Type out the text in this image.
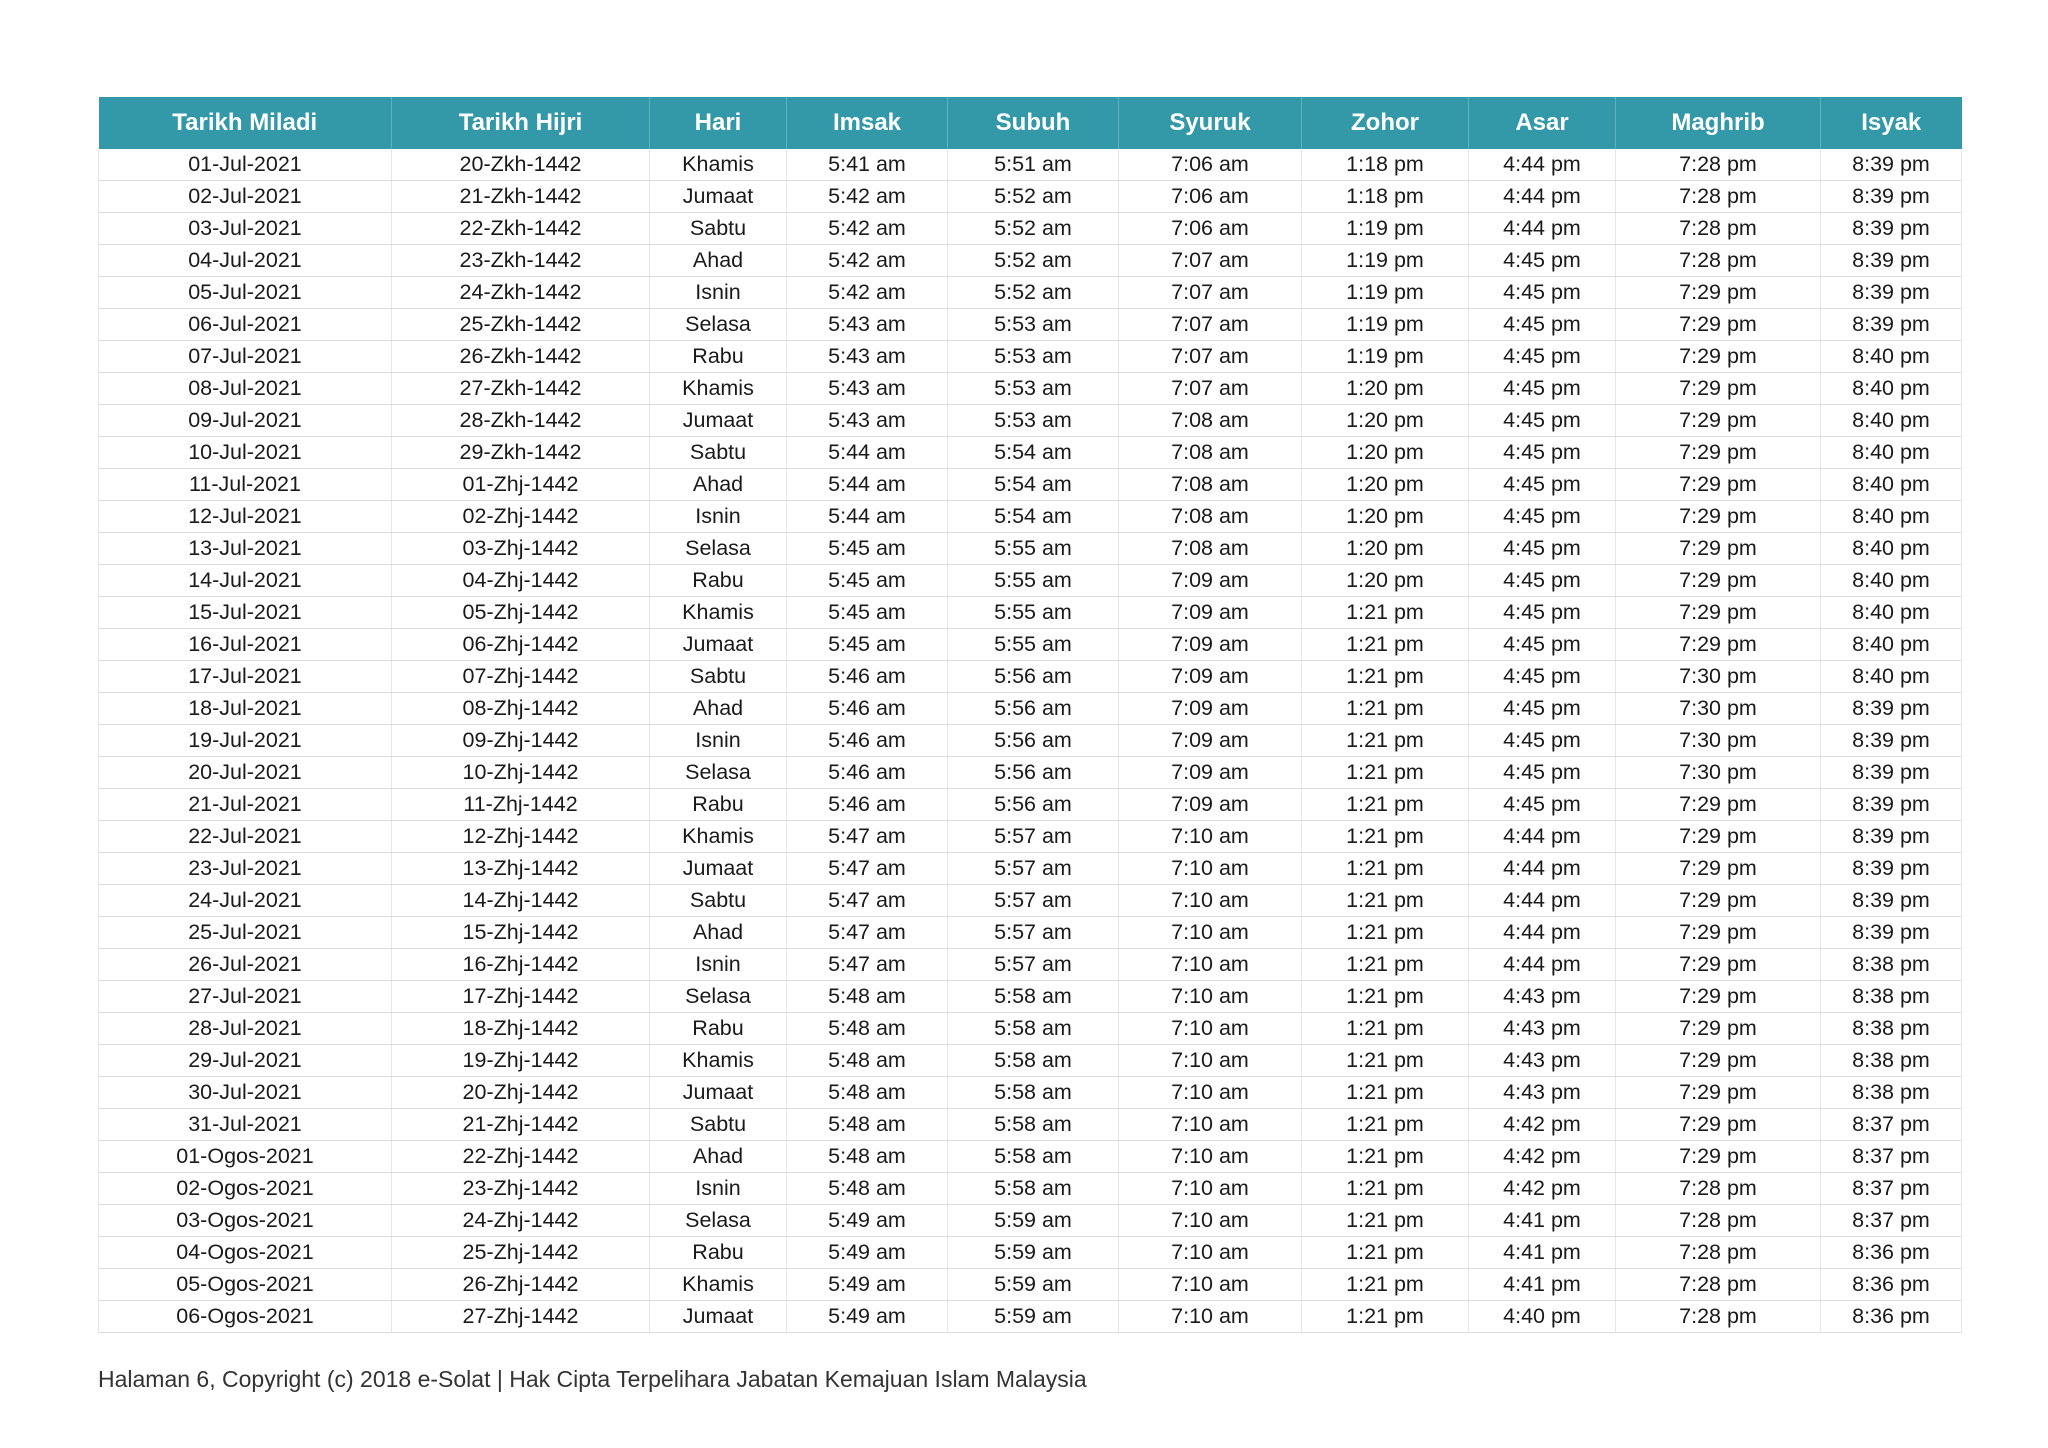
Tarikh Miladi	Tarikh Hijri	Hari	Imsak	Subuh	Syuruk	Zohor	Asar	Maghrib	Isyak
01-Jul-2021	20-Zkh-1442	Khamis	5:41 am	5:51 am	7:06 am	1:18 pm	4:44 pm	7:28 pm	8:39 pm
02-Jul-2021	21-Zkh-1442	Jumaat	5:42 am	5:52 am	7:06 am	1:18 pm	4:44 pm	7:28 pm	8:39 pm
03-Jul-2021	22-Zkh-1442	Sabtu	5:42 am	5:52 am	7:06 am	1:19 pm	4:44 pm	7:28 pm	8:39 pm
04-Jul-2021	23-Zkh-1442	Ahad	5:42 am	5:52 am	7:07 am	1:19 pm	4:45 pm	7:28 pm	8:39 pm
05-Jul-2021	24-Zkh-1442	Isnin	5:42 am	5:52 am	7:07 am	1:19 pm	4:45 pm	7:29 pm	8:39 pm
06-Jul-2021	25-Zkh-1442	Selasa	5:43 am	5:53 am	7:07 am	1:19 pm	4:45 pm	7:29 pm	8:39 pm
07-Jul-2021	26-Zkh-1442	Rabu	5:43 am	5:53 am	7:07 am	1:19 pm	4:45 pm	7:29 pm	8:40 pm
08-Jul-2021	27-Zkh-1442	Khamis	5:43 am	5:53 am	7:07 am	1:20 pm	4:45 pm	7:29 pm	8:40 pm
09-Jul-2021	28-Zkh-1442	Jumaat	5:43 am	5:53 am	7:08 am	1:20 pm	4:45 pm	7:29 pm	8:40 pm
10-Jul-2021	29-Zkh-1442	Sabtu	5:44 am	5:54 am	7:08 am	1:20 pm	4:45 pm	7:29 pm	8:40 pm
11-Jul-2021	01-Zhj-1442	Ahad	5:44 am	5:54 am	7:08 am	1:20 pm	4:45 pm	7:29 pm	8:40 pm
12-Jul-2021	02-Zhj-1442	Isnin	5:44 am	5:54 am	7:08 am	1:20 pm	4:45 pm	7:29 pm	8:40 pm
13-Jul-2021	03-Zhj-1442	Selasa	5:45 am	5:55 am	7:08 am	1:20 pm	4:45 pm	7:29 pm	8:40 pm
14-Jul-2021	04-Zhj-1442	Rabu	5:45 am	5:55 am	7:09 am	1:20 pm	4:45 pm	7:29 pm	8:40 pm
15-Jul-2021	05-Zhj-1442	Khamis	5:45 am	5:55 am	7:09 am	1:21 pm	4:45 pm	7:29 pm	8:40 pm
16-Jul-2021	06-Zhj-1442	Jumaat	5:45 am	5:55 am	7:09 am	1:21 pm	4:45 pm	7:29 pm	8:40 pm
17-Jul-2021	07-Zhj-1442	Sabtu	5:46 am	5:56 am	7:09 am	1:21 pm	4:45 pm	7:30 pm	8:40 pm
18-Jul-2021	08-Zhj-1442	Ahad	5:46 am	5:56 am	7:09 am	1:21 pm	4:45 pm	7:30 pm	8:39 pm
19-Jul-2021	09-Zhj-1442	Isnin	5:46 am	5:56 am	7:09 am	1:21 pm	4:45 pm	7:30 pm	8:39 pm
20-Jul-2021	10-Zhj-1442	Selasa	5:46 am	5:56 am	7:09 am	1:21 pm	4:45 pm	7:30 pm	8:39 pm
21-Jul-2021	11-Zhj-1442	Rabu	5:46 am	5:56 am	7:09 am	1:21 pm	4:45 pm	7:29 pm	8:39 pm
22-Jul-2021	12-Zhj-1442	Khamis	5:47 am	5:57 am	7:10 am	1:21 pm	4:44 pm	7:29 pm	8:39 pm
23-Jul-2021	13-Zhj-1442	Jumaat	5:47 am	5:57 am	7:10 am	1:21 pm	4:44 pm	7:29 pm	8:39 pm
24-Jul-2021	14-Zhj-1442	Sabtu	5:47 am	5:57 am	7:10 am	1:21 pm	4:44 pm	7:29 pm	8:39 pm
25-Jul-2021	15-Zhj-1442	Ahad	5:47 am	5:57 am	7:10 am	1:21 pm	4:44 pm	7:29 pm	8:39 pm
26-Jul-2021	16-Zhj-1442	Isnin	5:47 am	5:57 am	7:10 am	1:21 pm	4:44 pm	7:29 pm	8:38 pm
27-Jul-2021	17-Zhj-1442	Selasa	5:48 am	5:58 am	7:10 am	1:21 pm	4:43 pm	7:29 pm	8:38 pm
28-Jul-2021	18-Zhj-1442	Rabu	5:48 am	5:58 am	7:10 am	1:21 pm	4:43 pm	7:29 pm	8:38 pm
29-Jul-2021	19-Zhj-1442	Khamis	5:48 am	5:58 am	7:10 am	1:21 pm	4:43 pm	7:29 pm	8:38 pm
30-Jul-2021	20-Zhj-1442	Jumaat	5:48 am	5:58 am	7:10 am	1:21 pm	4:43 pm	7:29 pm	8:38 pm
31-Jul-2021	21-Zhj-1442	Sabtu	5:48 am	5:58 am	7:10 am	1:21 pm	4:42 pm	7:29 pm	8:37 pm
01-Ogos-2021	22-Zhj-1442	Ahad	5:48 am	5:58 am	7:10 am	1:21 pm	4:42 pm	7:29 pm	8:37 pm
02-Ogos-2021	23-Zhj-1442	Isnin	5:48 am	5:58 am	7:10 am	1:21 pm	4:42 pm	7:28 pm	8:37 pm
03-Ogos-2021	24-Zhj-1442	Selasa	5:49 am	5:59 am	7:10 am	1:21 pm	4:41 pm	7:28 pm	8:37 pm
04-Ogos-2021	25-Zhj-1442	Rabu	5:49 am	5:59 am	7:10 am	1:21 pm	4:41 pm	7:28 pm	8:36 pm
05-Ogos-2021	26-Zhj-1442	Khamis	5:49 am	5:59 am	7:10 am	1:21 pm	4:41 pm	7:28 pm	8:36 pm
06-Ogos-2021	27-Zhj-1442	Jumaat	5:49 am	5:59 am	7:10 am	1:21 pm	4:40 pm	7:28 pm	8:36 pm
Halaman 6, Copyright (c) 2018 e-Solat | Hak Cipta Terpelihara Jabatan Kemajuan Islam Malaysia
